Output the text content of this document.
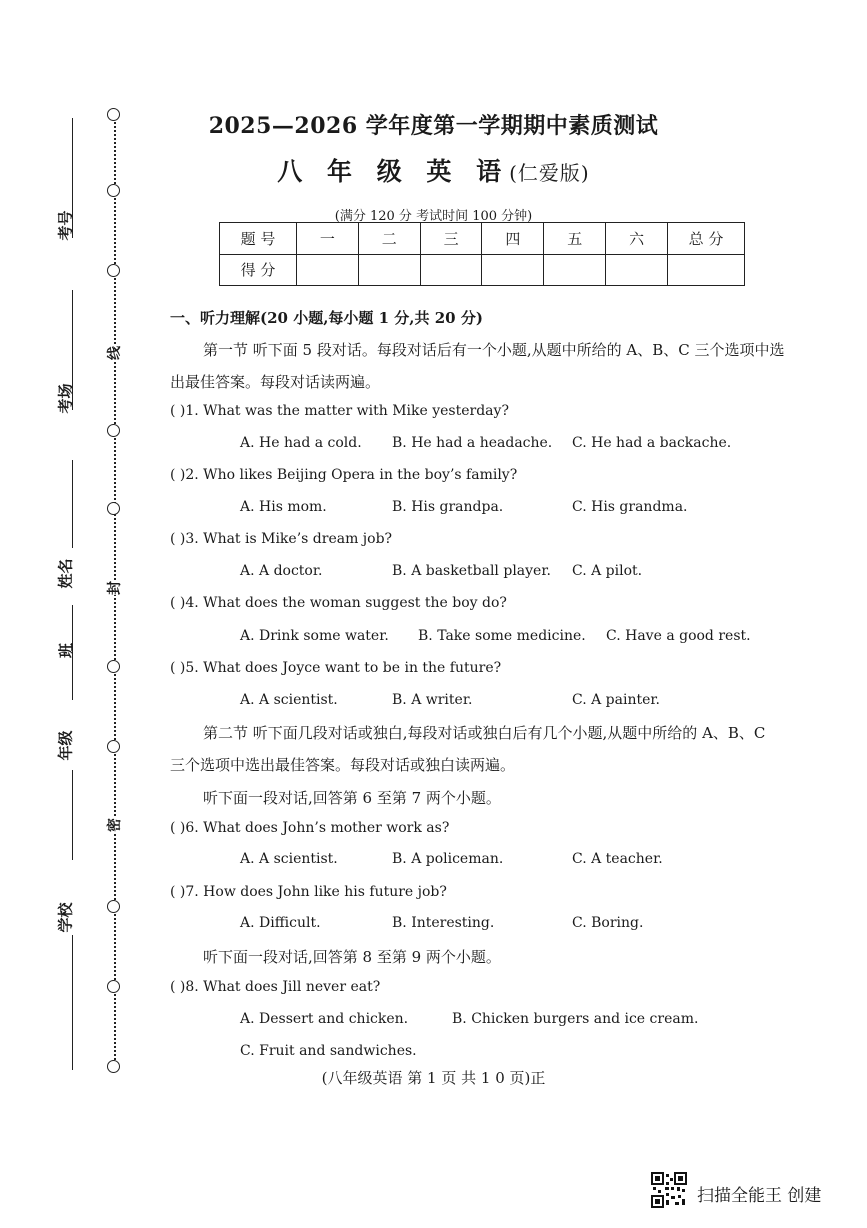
考号
考场
姓名
班
年级
学校
线
封
密
2025—2026 学年度第一学期期中素质测试
八 年 级 英 语(仁爱版)
(满分 120 分 考试时间 100 分钟)
题 号	一	二	三	四	五	六	总 分
得 分							
一、听力理解(20 小题,每小题 1 分,共 20 分)
第一节 听下面 5 段对话。每段对话后有一个小题,从题中所给的 A、B、C 三个选项中选
出最佳答案。每段对话读两遍。
( )1. What was the matter with Mike yesterday?
A. He had a cold. B. He had a headache. C. He had a backache.
( )2. Who likes Beijing Opera in the boy’s family?
A. His mom.	B. His grandpa.	C. His grandma.
( )3. What is Mike’s dream job?
A. A doctor.	B. A basketball player. C. A pilot.
( )4. What does the woman suggest the boy do?
A. Drink some water. B. Take some medicine. C. Have a good rest.
( )5. What does Joyce want to be in the future?
A. A scientist.	B. A writer.	C. A painter.
第二节 听下面几段对话或独白,每段对话或独白后有几个小题,从题中所给的 A、B、C
三个选项中选出最佳答案。每段对话或独白读两遍。
听下面一段对话,回答第 6 至第 7 两个小题。
( )6. What does John’s mother work as?
A. A scientist.	B. A policeman.	C. A teacher.
( )7. How does John like his future job?
A. Difficult.	B. Interesting.	C. Boring.
听下面一段对话,回答第 8 至第 9 两个小题。
( )8. What does Jill never eat?
A. Dessert and chicken.	B. Chicken burgers and ice cream.
C. Fruit and sandwiches.
(八年级英语 第 1 页 共 1 0 页)正
扫描全能王 创建
